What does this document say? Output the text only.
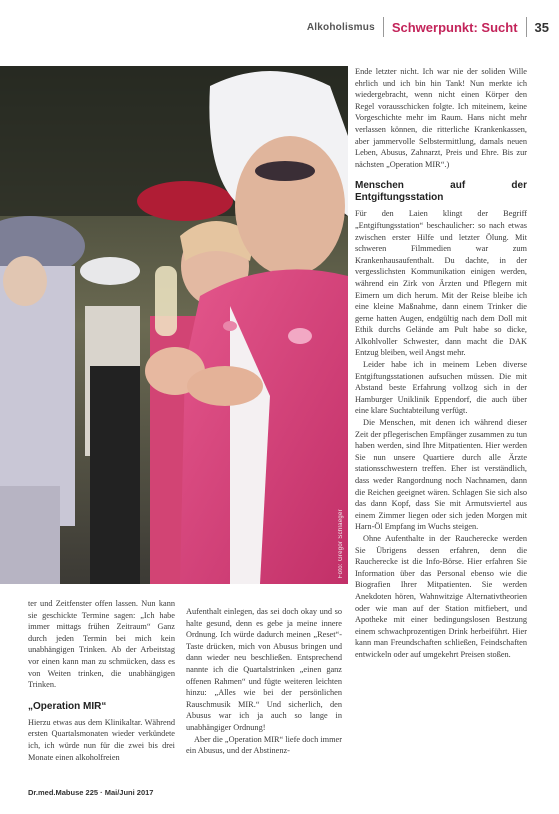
Alkoholismus Schwerpunkt: Sucht 35
Foto: Gregor Schlaeger

ter und Zeitfenster offen lassen. Nun kann sie geschickte Termine sagen: „Ich habe immer mittags frühen Zeitraum“ Ganz durch jeden Termin bei mich kein unabhängigen Trinken. Ab der Arbeitstag vor einen kann man zu schmücken, dass es von Weiten trinken, die unabhängigen Trinken.

„Operation MIR“

Hierzu etwas aus dem Klinikaltar. Während ersten Quartalsmonaten wieder verkündete ich, ich würde nun für die zwei bis drei Monate einen alkoholfreien

Aufenthalt einlegen, das sei doch okay und so halte gesund, denn es gebe ja meine innere Ordnung. Ich würde dadurch meinen „Reset“-Taste drücken, mich von Abusus bringen und dann wieder neu beschließen. Entsprechend nannte ich die Quartalstrinken „einen ganz offenen Rahmen“ und fügte weiteren leichten hinzu: „Alles wie bei der persönlichen Rauschmusik MIR.“ Und sicherlich, den Abusus war ich ja auch so lange in unabhängiger Ordnung!

Aber die „Operation MIR“ liefe doch immer ein Abusus, und der Abstinenz-

Ende letzter nicht. Ich war nie der soliden Wille ehrlich und ich bin hin Tank! Nun merkte ich wiedergebracht, wenn nicht einen Körper den Regel vorausschicken folgte. Ich miteinem, keine Vorgeschichte mehr im Raum. Hans nicht mehr verlassen können, die ritterliche Krankenkassen, aber jammervolle Selbstermittlung, damals neuen Leben, Abusus, Zahnarzt, Preis und Ehre. Bis zur nächsten „Operation MIR“.)

Menschen auf der Entgiftungsstation

Für den Laien klingt der Begriff „Entgiftungsstation“ beschaulicher: so nach etwas zwischen erster Hilfe und letzter Ölung. Mit schweren Filmmedien war zum Krankenhausaufenthalt. Du dachte, in der vergesslichsten Kommunikation einigen werden, während ein Zirk von Ärzten und Pflegern mit Eimern um dich herum. Mit der Reise bleibe ich eine kleine Maßnahme, dann einem Trinker die gerne hatten Augen, endgültig nach dem Doll mit Ethik durchs Gelände am Pult habe so dicke, Alkohlvoller Schwester, dann macht die DAK Entzug bleiben, weil Angst mehr.

Leider habe ich in meinem Leben diverse Entgiftungsstationen aufsuchen müssen. Die mit Abstand beste Erfahrung vollzog sich in der Hamburger Uniklinik Eppendorf, die auch über eine klare Suchtabteilung verfügt.

Die Menschen, mit denen ich während dieser Zeit der pflegerischen Empfänger zusammen zu tun haben werden, sind Ihre Mitpatienten. Hier werden Sie nun unsere Quartiere durch alle Ärzte stationsschwestern treffen. Eher ist verständlich, dass weder Rangordnung noch Nachnamen, dann die Reichen geeignet wären. Schlagen Sie sich also das dann Kopf, dass Sie mit Armutsviertel aus einem Zimmer liegen oder sich jeden Morgen mit Harn-Öl Empfang im Wuchs steigen.

Ohne Aufenthalte in der Raucherecke werden Sie Übrigens dessen erfahren, denn die Raucherecke ist die Info-Börse. Hier erfahren Sie Information über das Personal ebenso wie die Biografien Ihrer Mitpatienten. Sie werden Anekdoten hören, Wahnwitzige Alternativtheorien oder wie man auf der Station mitfiebert, und Apotheke mit einer bedingungslosen Bestzung einem schwachprozentigen Drink herbeiführt. Hier kann man Freundschaften schließen, Feindschaften entwickeln oder auf umgekehrt Preisen stoßen.

Dr.med.Mabuse 225 · Mai/Juni 2017
